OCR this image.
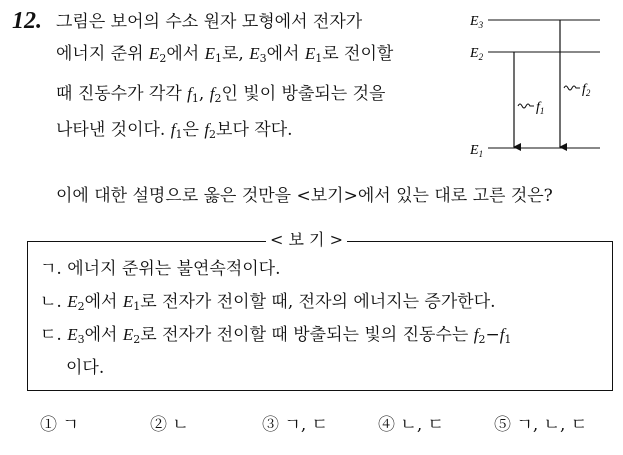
12. 그림은 보어의 수소 원자 모형에서 전자가
에너지 준위 $E_2$에서 $E_1$로, $E_3$에서 $E_1$로 전이할
때 진동수가 각각 $f_1$, $f_2$인 빛이 방출되는 것을
나타낸 것이다. $f_1$은 $f_2$보다 작다.
$E_3$
$E_2$
$E_1$
$f_1$
$f_2$
이에 대한 설명으로 옳은 것만을 <보기>에서 있는 대로 고른 것은?
< 보 기 >
ㄱ. 에너지 준위는 불연속적이다.
ㄴ. $E_2$에서 $E_1$로 전자가 전이할 때, 전자의 에너지는 증가한다.
ㄷ. $E_3$에서 $E_2$로 전자가 전이할 때 방출되는 빛의 진동수는 $f_2-f_1$
이다.
① ㄱ	② ㄴ	③ ㄱ, ㄷ	④ ㄴ, ㄷ	⑤ ㄱ, ㄴ, ㄷ
